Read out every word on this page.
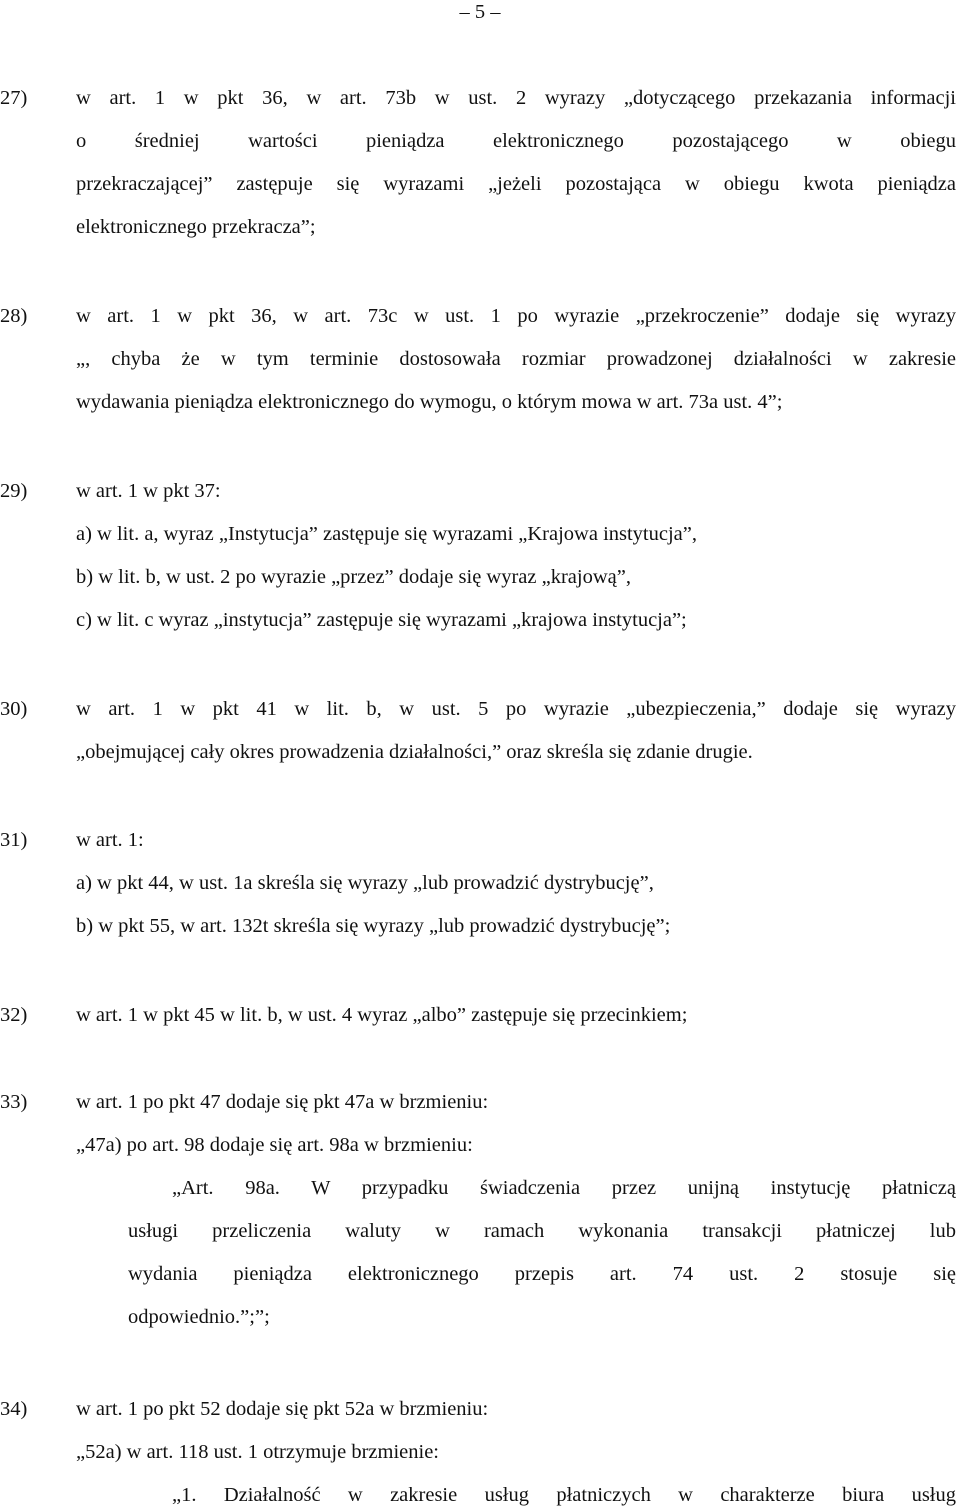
– 5 –
27) w art. 1 w pkt 36, w art. 73b w ust. 2 wyrazy „dotyczącego przekazania informacji
o średniej wartości pieniądza elektronicznego pozostającego w obiegu
przekraczającej” zastępuje się wyrazami „jeżeli pozostająca w obiegu kwota pieniądza
elektronicznego przekracza”;
28) w art. 1 w pkt 36, w art. 73c w ust. 1 po wyrazie „przekroczenie” dodaje się wyrazy
„, chyba że w tym terminie dostosowała rozmiar prowadzonej działalności w zakresie
wydawania pieniądza elektronicznego do wymogu, o którym mowa w art. 73a ust. 4”;
29) w art. 1 w pkt 37:
a) w lit. a, wyraz „Instytucja” zastępuje się wyrazami „Krajowa instytucja”,
b) w lit. b, w ust. 2 po wyrazie „przez” dodaje się wyraz „krajową”,
c) w lit. c wyraz „instytucja” zastępuje się wyrazami „krajowa instytucja”;
30) w art. 1 w pkt 41 w lit. b, w ust. 5 po wyrazie „ubezpieczenia,” dodaje się wyrazy
„obejmującej cały okres prowadzenia działalności,” oraz skreśla się zdanie drugie.
31) w art. 1:
a) w pkt 44, w ust. 1a skreśla się wyrazy „lub prowadzić dystrybucję”,
b) w pkt 55, w art. 132t skreśla się wyrazy „lub prowadzić dystrybucję”;
32) w art. 1 w pkt 45 w lit. b, w ust. 4 wyraz „albo” zastępuje się przecinkiem;
33) w art. 1 po pkt 47 dodaje się pkt 47a w brzmieniu:
„47a) po art. 98 dodaje się art. 98a w brzmieniu:
„Art. 98a. W przypadku świadczenia przez unijną instytucję płatniczą
usługi przeliczenia waluty w ramach wykonania transakcji płatniczej lub
wydania pieniądza elektronicznego przepis art. 74 ust. 2 stosuje się
odpowiednio.”;”;
34) w art. 1 po pkt 52 dodaje się pkt 52a w brzmieniu:
„52a) w art. 118 ust. 1 otrzymuje brzmienie:
„1. Działalność w zakresie usług płatniczych w charakterze biura usług
